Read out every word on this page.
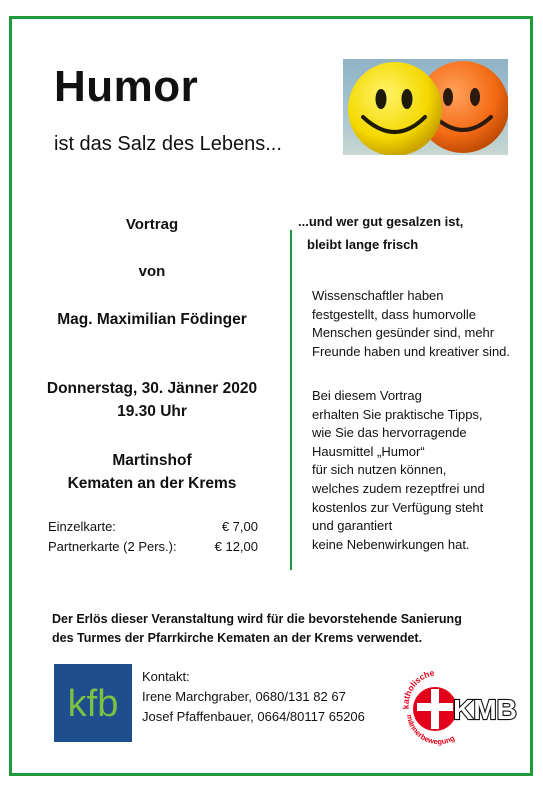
Humor
ist das Salz des Lebens...
Vortrag
von
Mag. Maximilian Födinger
Donnerstag, 30. Jänner 2020
19.30 Uhr
Martinshof
Kematen an der Krems
Einzelkarte:	€ 7,00
Partnerkarte (2 Pers.):	€ 12,00
...und wer gut gesalzen ist,
bleibt lange frisch
Wissenschaftler haben
festgestellt, dass humorvolle
Menschen gesünder sind, mehr
Freunde haben und kreativer sind.
Bei diesem Vortrag
erhalten Sie praktische Tipps,
wie Sie das hervorragende
Hausmittel „Humor“
für sich nutzen können,
welches zudem rezeptfrei und
kostenlos zur Verfügung steht
und garantiert
keine Nebenwirkungen hat.
Der Erlös dieser Veranstaltung wird für die bevorstehende Sanierung
des Turmes der Pfarrkirche Kematen an der Krems verwendet.
kfb
Kontakt:
Irene Marchgraber, 0680/131 82 67
Josef Pfaffenbauer, 0664/80117 65206
katholische
männerbewegung
KMB
